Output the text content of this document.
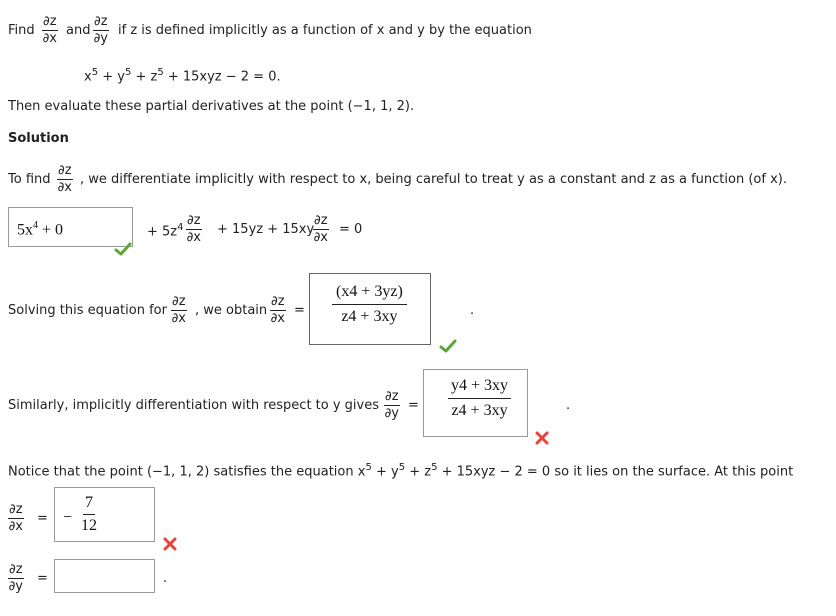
Find $\frac{\partial z}{\partial x}$ and $\frac{\partial z}{\partial y}$ if z is defined implicitly as a function of x and y by the equation
$x^5 + y^5 + z^5 + 15xyz - 2 = 0$.
Then evaluate these partial derivatives at the point (−1, 1, 2).
Solution
To find $\frac{\partial z}{\partial x}$ , we differentiate implicitly with respect to x, being careful to treat y as a constant and z as a function (of x).
$5x^4 + 0$	+ $5z^4 \frac{\partial z}{\partial x} + 15yz + 15xy$
$\frac{\partial z}{\partial x} = 0$
Solving this equation for $\frac{\partial z}{\partial x}$ , we obtain $\frac{\partial z}{\partial x} = \frac{(x4 + 3yz)}{z4 + 3xy}$	.
Similarly, implicitly differentiation with respect to y gives $\frac{\partial z}{\partial y} = \frac{y4 + 3xy}{z4 + 3xy}$	.
Notice that the point (−1, 1, 2) satisfies the equation $x^5 + y^5 + z^5 + 15xyz - 2 = 0$ so it lies on the surface. At this point
$\frac{\partial z}{\partial x}$ = − $\frac{7}{12}$
$\frac{\partial z}{\partial y}$ =	.
